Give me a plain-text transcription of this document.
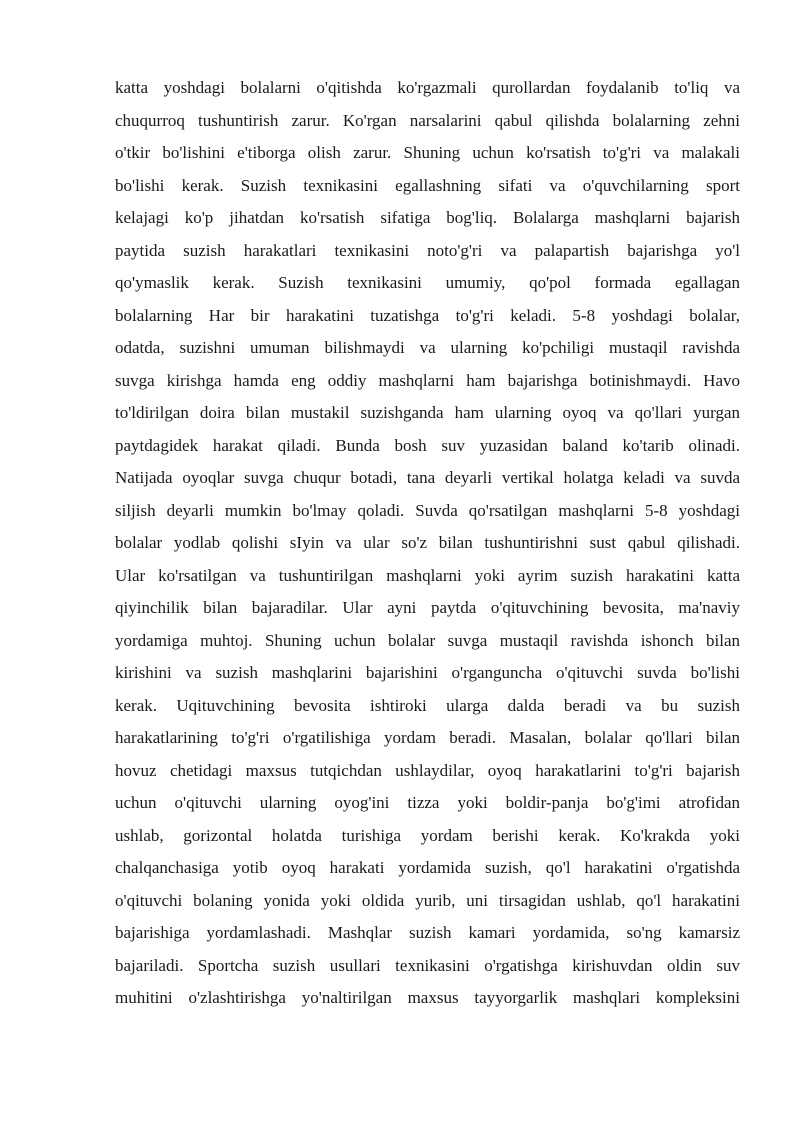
katta yoshdagi bolalarni o'qitishda ko'rgazmali qurollardan foydalanib to'liq va
chuqurroq tushuntirish zarur. Ko'rgan narsalarini qabul qilishda bolalarning zehni
o'tkir bo'lishini e'tiborga olish zarur. Shuning uchun ko'rsatish to'g'ri va malakali
bo'lishi kerak. Suzish texnikasini egallashning sifati va o'quvchilarning sport
kelajagi ko'p jihatdan ko'rsatish sifatiga bog'liq. Bolalarga mashqlarni bajarish
paytida suzish harakatlari texnikasini noto'g'ri va palapartish bajarishga yo'l
qo'ymaslik kerak. Suzish texnikasini umumiy, qo'pol formada egallagan
bolalarning Har bir harakatini tuzatishga to'g'ri keladi. 5-8 yoshdagi bolalar,
odatda, suzishni umuman bilishmaydi va ularning ko'pchiligi mustaqil ravishda
suvga kirishga hamda eng oddiy mashqlarni ham bajarishga botinishmaydi. Havo
to'ldirilgan doira bilan mustakil suzishganda ham ularning oyoq va qo'llari yurgan
paytdagidek harakat qiladi. Bunda bosh suv yuzasidan baland ko'tarib olinadi.
Natijada oyoqlar suvga chuqur botadi, tana deyarli vertikal holatga keladi va suvda
siljish deyarli mumkin bo'lmay qoladi. Suvda qo'rsatilgan mashqlarni 5-8 yoshdagi
bolalar yodlab qolishi sIyin va ular so'z bilan tushuntirishni sust qabul qilishadi.
Ular ko'rsatilgan va tushuntirilgan mashqlarni yoki ayrim suzish harakatini katta
qiyinchilik bilan bajaradilar. Ular ayni paytda o'qituvchining bevosita, ma'naviy
yordamiga muhtoj. Shuning uchun bolalar suvga mustaqil ravishda ishonch bilan
kirishini va suzish mashqlarini bajarishini o'rganguncha o'qituvchi suvda bo'lishi
kerak. Uqituvchining bevosita ishtiroki ularga dalda beradi va bu suzish
harakatlarining to'g'ri o'rgatilishiga yordam beradi. Masalan, bolalar qo'llari bilan
hovuz chetidagi maxsus tutqichdan ushlaydilar, oyoq harakatlarini to'g'ri bajarish
uchun o'qituvchi ularning oyog'ini tizza yoki boldir-panja bo'g'imi atrofidan
ushlab, gorizontal holatda turishiga yordam berishi kerak. Ko'krakda yoki
chalqanchasiga yotib oyoq harakati yordamida suzish, qo'l harakatini o'rgatishda
o'qituvchi bolaning yonida yoki oldida yurib, uni tirsagidan ushlab, qo'l harakatini
bajarishiga yordamlashadi. Mashqlar suzish kamari yordamida, so'ng kamarsiz
bajariladi. Sportcha suzish usullari texnikasini o'rgatishga kirishuvdan oldin suv
muhitini o'zlashtirishga yo'naltirilgan maxsus tayyorgarlik mashqlari kompleksini
